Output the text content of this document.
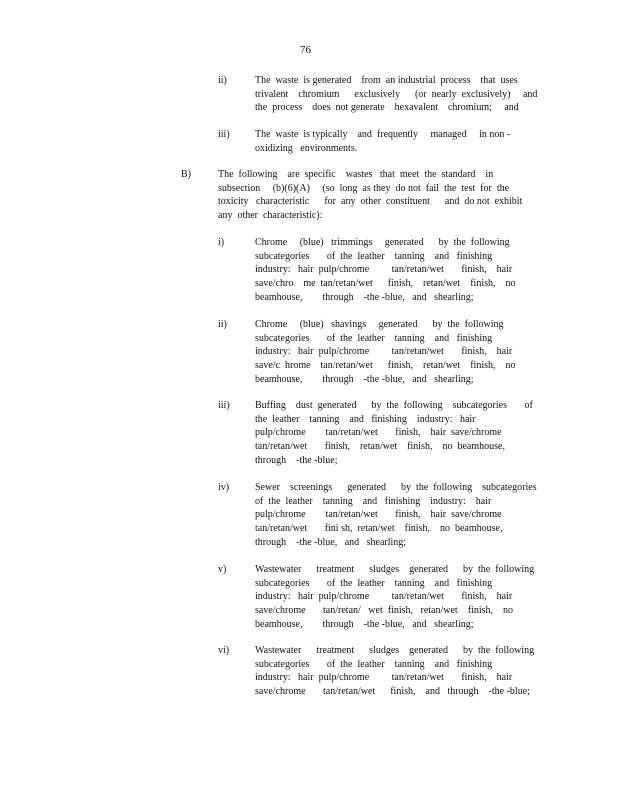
76
ii)	The  waste  is generated    from  an industrial  process    that  uses
trivalent    chromium      exclusively      (or  nearly  exclusively)     and
the  process    does  not generate    hexavalent    chromium;     and
iii)	The  waste  is typically    and  frequently     managed     in non -
oxidizing   environments.
B)	The  following    are  specific    wastes   that  meet  the  standard    in
subsection     (b)(6)(A)     (so  long  as they  do not  fail  the  test  for  the
toxicity   characteristic      for  any  other  constituent      and  do not  exhibit
any  other  characteristic):
i)	Chrome     (blue)   trimmings     generated      by  the  following
subcategories       of  the  leather    tanning    and   finishing
industry:   hair  pulp/chrome         tan/retan/wet       finish,    hair
save/chro    me  tan/retan/wet      finish,    retan/wet    finish,    no
beamhouse,        through    -the -blue,   and   shearling;
ii)	Chrome     (blue)   shavings     generated      by  the  following
subcategories       of  the  leather    tanning    and   finishing
industry:   hair  pulp/chrome         tan/retan/wet       finish,    hair
save/c  hrome    tan/retan/wet      finish,    retan/wet    finish,    no
beamhouse,        through    -the -blue,   and   shearling;
iii)	Buffing    dust  generated      by  the  following    subcategories       of
the  leather    tanning    and   finishing    industry:   hair
pulp/chrome        tan/retan/wet       finish,    hair  save/chrome
tan/retan/wet       finish,    retan/wet    finish,    no  beamhouse,
through    -the -blue;
iv)	Sewer    screenings      generated      by  the  following    subcategories
of  the  leather    tanning    and   finishing    industry:    hair
pulp/chrome        tan/retan/wet       finish,    hair  save/chrome
tan/retan/wet       fini sh,  retan/wet    finish,    no  beamhouse,
through    -the -blue,   and   shearling;
v)	Wastewater      treatment      sludges    generated      by  the  following
subcategories       of  the  leather    tanning    and   finishing
industry:   hair  pulp/chrome         tan/retan/wet       finish,    hair
save/chrome       tan/retan/   wet  finish,   retan/wet    finish,    no
beamhouse,        through    -the -blue,   and   shearling;
vi)	Wastewater      treatment      sludges    generated      by  the  following
subcategories       of  the  leather    tanning    and   finishing
industry:   hair  pulp/chrome         tan/retan/wet       finish,    hair
save/chrome       tan/retan/wet      finish,    and   through    -the -blue;
